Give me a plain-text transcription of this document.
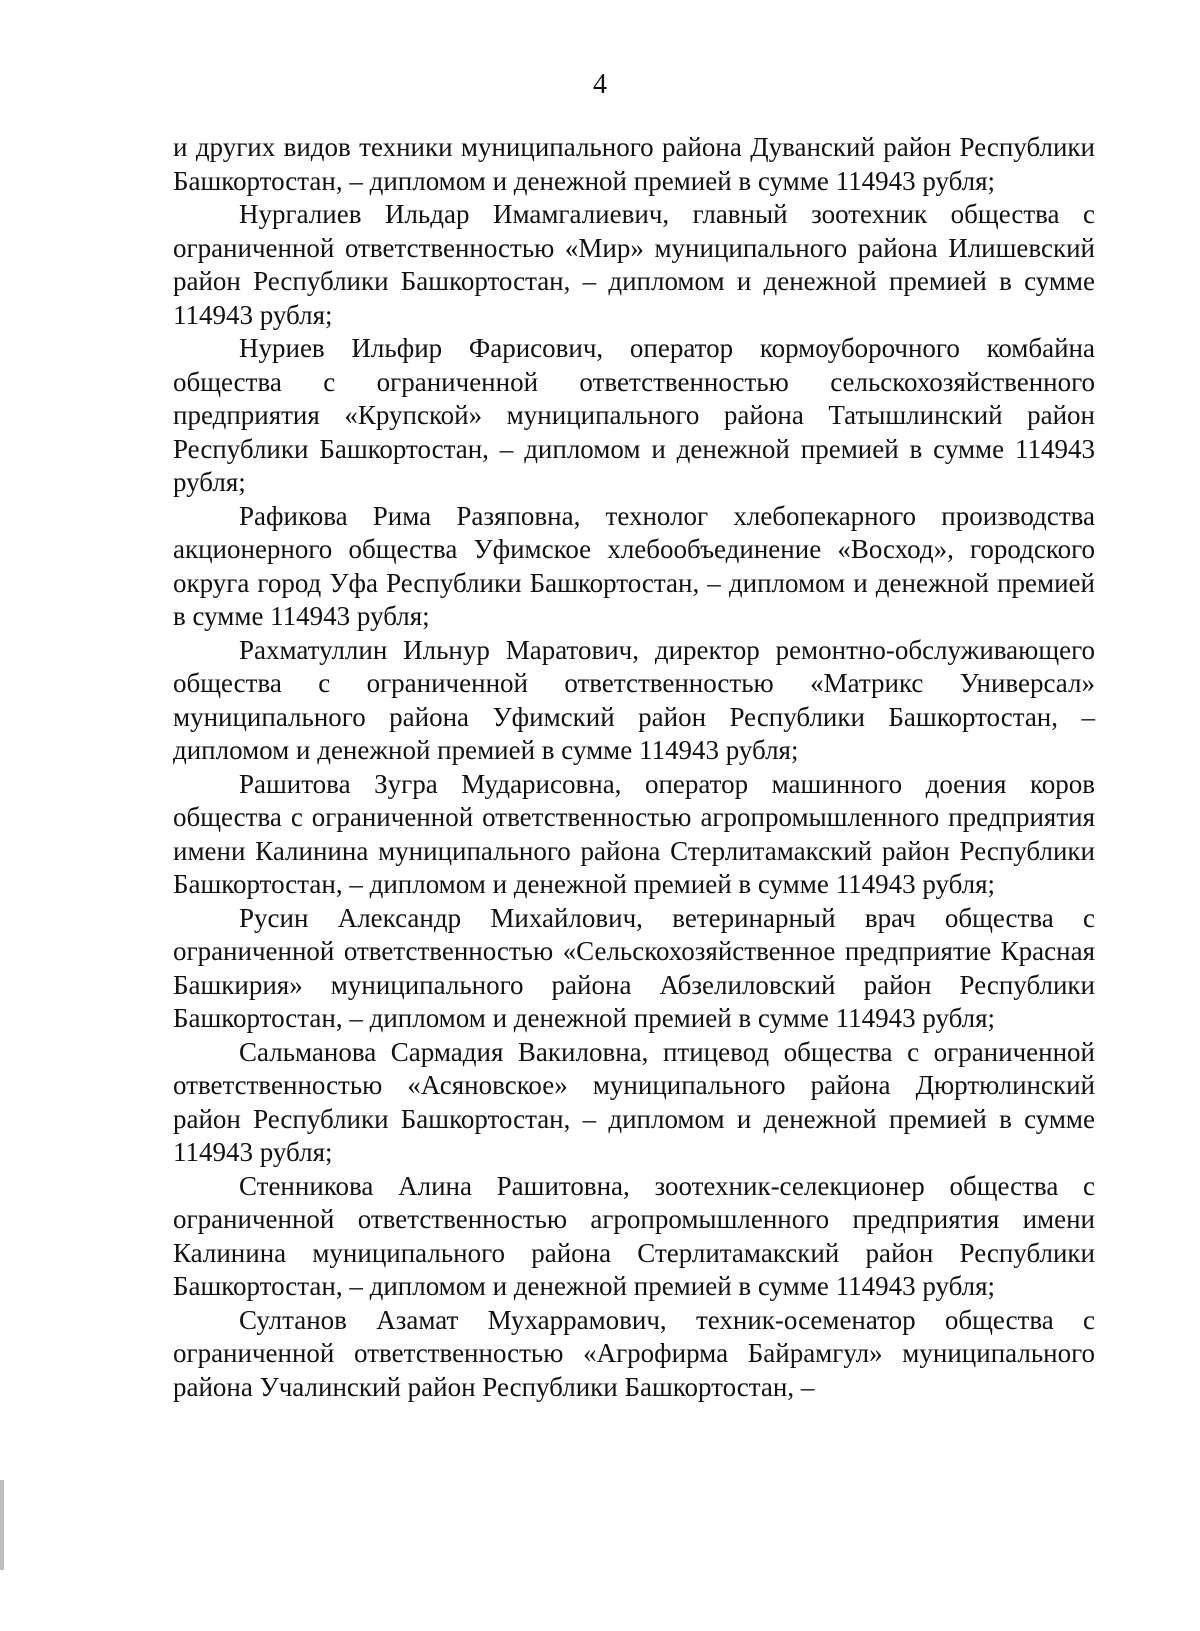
4

и других видов техники муниципального района Дуванский район Республики Башкортостан, – дипломом и денежной премией в сумме 114943 рубля;

Нургалиев Ильдар Имамгалиевич, главный зоотехник общества с ограниченной ответственностью «Мир» муниципального района Илишевский район Республики Башкортостан, – дипломом и денежной премией в сумме 114943 рубля;

Нуриев Ильфир Фарисович, оператор кормоуборочного комбайна общества с ограниченной ответственностью сельскохозяйственного предприятия «Крупской» муниципального района Татышлинский район Республики Башкортостан, – дипломом и денежной премией в сумме 114943 рубля;

Рафикова Рима Разяповна, технолог хлебопекарного производства акционерного общества Уфимское хлебообъединение «Восход», городского округа город Уфа Республики Башкортостан, – дипломом и денежной премией в сумме 114943 рубля;

Рахматуллин Ильнур Маратович, директор ремонтно-обслуживающего общества с ограниченной ответственностью «Матрикс Универсал» муниципального района Уфимский район Республики Башкортостан, – дипломом и денежной премией в сумме 114943 рубля;

Рашитова Зугра Мударисовна, оператор машинного доения коров общества с ограниченной ответственностью агропромышленного предприятия имени Калинина муниципального района Стерлитамакский район Республики Башкортостан, – дипломом и денежной премией в сумме 114943 рубля;

Русин Александр Михайлович, ветеринарный врач общества с ограниченной ответственностью «Сельскохозяйственное предприятие Красная Башкирия» муниципального района Абзелиловский район Республики Башкортостан, – дипломом и денежной премией в сумме 114943 рубля;

Сальманова Сармадия Вакиловна, птицевод общества с ограниченной ответственностью «Асяновское» муниципального района Дюртюлинский район Республики Башкортостан, – дипломом и денежной премией в сумме 114943 рубля;

Стенникова Алина Рашитовна, зоотехник-селекционер общества с ограниченной ответственностью агропромышленного предприятия имени Калинина муниципального района Стерлитамакский район Республики Башкортостан, – дипломом и денежной премией в сумме 114943 рубля;

Султанов Азамат Мухаррамович, техник-осеменатор общества с ограниченной ответственностью «Агрофирма Байрамгул» муниципального района Учалинский район Республики Башкортостан, –
